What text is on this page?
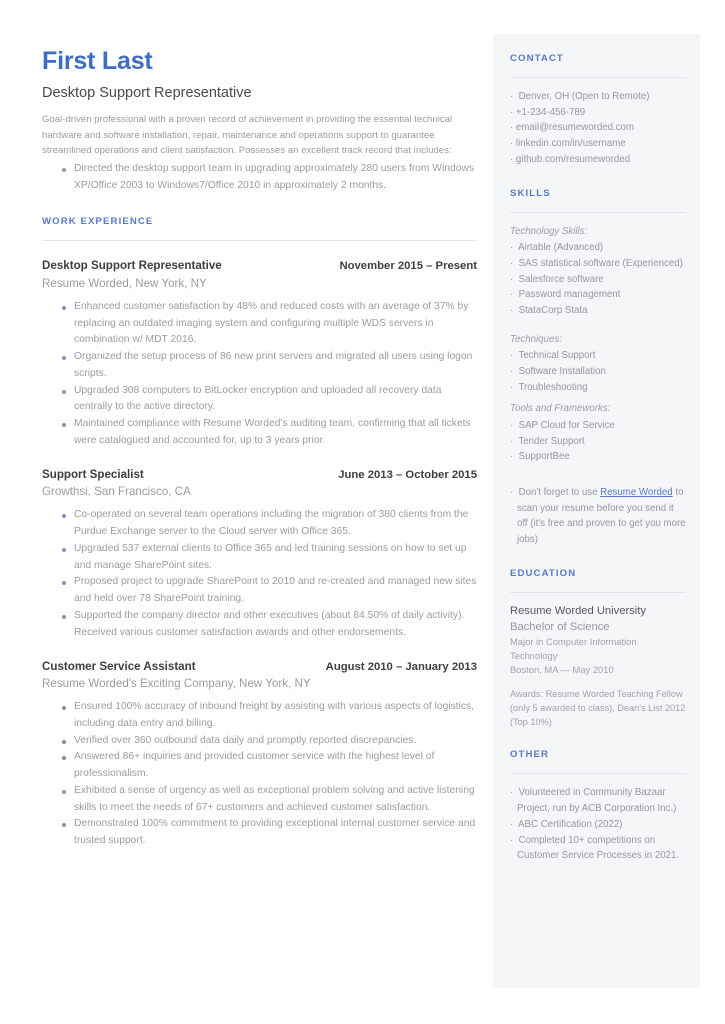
First Last
Desktop Support Representative

Goal-driven professional with a proven record of achievement in providing the essential technical hardware and software installation, repair, maintenance and operations support to guarantee streamlined operations and client satisfaction. Possesses an excellent track record that includes:

Directed the desktop support team in upgrading approximately 280 users from Windows XP/Office 2003 to Windows7/Office 2010 in approximately 2 months.
WORK EXPERIENCE
Desktop Support Representative	November 2015 – Present
Resume Worded, New York, NY
Enhanced customer satisfaction by 48% and reduced costs with an average of 37% by replacing an outdated imaging system and configuring multiple WDS servers in combination w/ MDT 2016.
Organized the setup process of 86 new print servers and migrated all users using logon scripts.
Upgraded 308 computers to BitLocker encryption and uploaded all recovery data centrally to the active directory.
Maintained compliance with Resume Worded's auditing team, confirming that all tickets were catalogued and accounted for, up to 3 years prior.
Support Specialist	June 2013 – October 2015
Growthsi, San Francisco, CA
Co-operated on several team operations including the migration of 380 clients from the Purdue Exchange server to the Cloud server with Office 365.
Upgraded 537 external clients to Office 365 and led training sessions on how to set up and manage SharePoint sites.
Proposed project to upgrade SharePoint to 2010 and re-created and managed new sites and held over 78 SharePoint training.
Supported the company director and other executives (about 84.50% of daily activity). Received various customer satisfaction awards and other endorsements.
Customer Service Assistant	August 2010 – January 2013
Resume Worded's Exciting Company, New York, NY
Ensured 100% accuracy of inbound freight by assisting with various aspects of logistics, including data entry and billing.
Verified over 360 outbound data daily and promptly reported discrepancies.
Answered 86+ inquiries and provided customer service with the highest level of professionalism.
Exhibited a sense of urgency as well as exceptional problem solving and active listening skills to meet the needs of 67+ customers and achieved customer satisfaction.
Demonstrated 100% commitment to providing exceptional internal customer service and trusted support.
CONTACT
·  Denver, OH (Open to Remote)
· +1-234-456-789
· email@resumeworded.com
· linkedin.com/in/username
· github.com/resumeworded
SKILLS
Technology Skills:
·  Airtable (Advanced)
·  SAS statistical software (Experienced)
·  Salesforce software
·  Password management
·  StataCorp Stata
Techniques:
·  Technical Support
·  Software Installation
·  Troubleshooting
Tools and Frameworks:
·  SAP Cloud for Service
·  Tender Support
·  SupportBee

·  Don't forget to use Resume Worded to scan your resume before you send it off (it's free and proven to get you more jobs)

EDUCATION
Resume Worded University
Bachelor of Science
Major in Computer Information Technology
Boston, MA — May 2010
Awards: Resume Worded Teaching Fellow (only 5 awarded to class), Dean's List 2012 (Top 10%)
OTHER
·  Volunteered in Community Bazaar Project, run by ACB Corporation Inc.)
·  ABC Certification (2022)
·  Completed 10+ competitions on Customer Service Processes in 2021.
